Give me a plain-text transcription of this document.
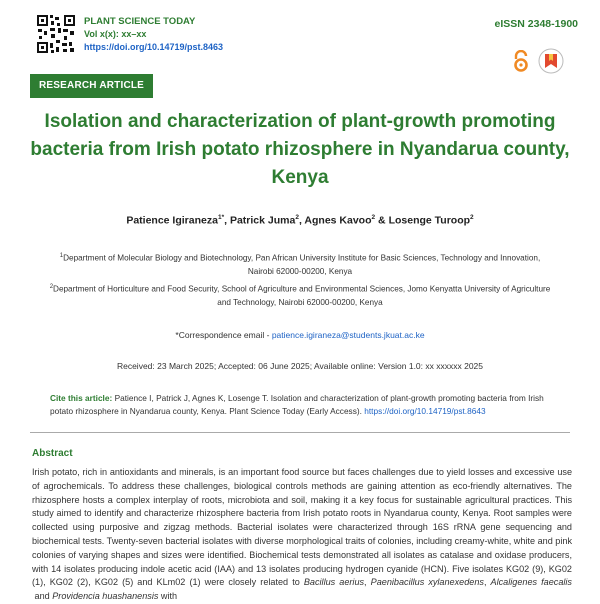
PLANT SCIENCE TODAY
Vol x(x): xx–xx
https://doi.org/10.14719/pst.8463
eISSN 2348-1900
RESEARCH ARTICLE
Isolation and characterization of plant-growth promoting bacteria from Irish potato rhizosphere in Nyandarua county, Kenya
Patience Igiraneza$^{1*}$, Patrick Juma$^2$, Agnes Kavoo$^2$ & Losenge Turoop$^2$
$^1$Department of Molecular Biology and Biotechnology, Pan African University Institute for Basic Sciences, Technology and Innovation, Nairobi 62000-00200, Kenya
$^2$Department of Horticulture and Food Security, School of Agriculture and Environmental Sciences, Jomo Kenyatta University of Agriculture and Technology, Nairobi 62000-00200, Kenya
*Correspondence email - patience.igiraneza@students.jkuat.ac.ke
Received: 23 March 2025; Accepted: 06 June 2025; Available online: Version 1.0: xx xxxxxx 2025
Cite this article: Patience I, Patrick J, Agnes K, Losenge T. Isolation and characterization of plant-growth promoting bacteria from Irish potato rhizosphere in Nyandarua county, Kenya. Plant Science Today (Early Access). https://doi.org/10.14719/pst.8643
Abstract
Irish potato, rich in antioxidants and minerals, is an important food source but faces challenges due to yield losses and excessive use of agrochemicals. To address these challenges, biological controls methods are gaining attention as eco-friendly alternatives. The rhizosphere hosts a complex interplay of roots, microbiota and soil, making it a key focus for sustainable agricultural practices. This study aimed to identify and characterize rhizosphere bacteria from Irish potato roots in Nyandarua county, Kenya. Root samples were collected using purposive and zigzag methods. Bacterial isolates were characterized through 16S rRNA gene sequencing and biochemical tests. Twenty-seven bacterial isolates with diverse morphological traits of colonies, including creamy-white, white and pink colonies of varying shapes and sizes were identified. Biochemical tests demonstrated all isolates as catalase and oxidase producers, with 14 isolates producing indole acetic acid (IAA) and 13 isolates producing hydrogen cyanide (HCN). Five isolates KG02 (9), KG02 (1), KG02 (2), KG02 (5) and KLm02 (1) were closely related to Bacillus aerius, Paenibacillus xylanexedens, Alcaligenes faecalis and Providencia huashanensis with
